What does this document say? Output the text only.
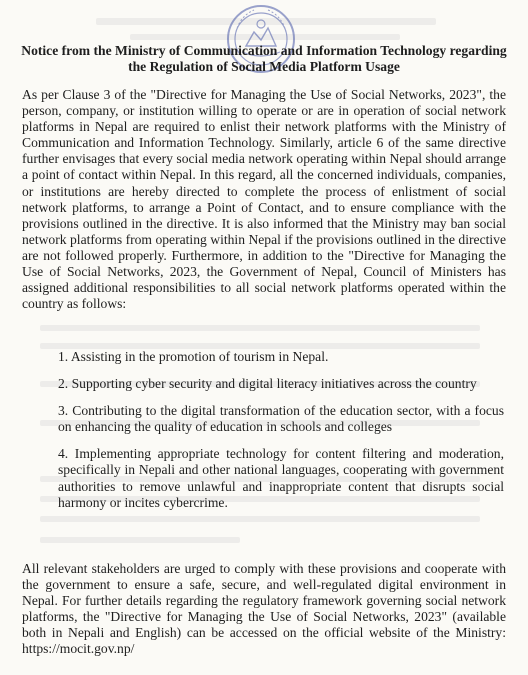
Notice from the Ministry of Communication and Information Technology regarding the Regulation of Social Media Platform Usage

As per Clause 3 of the "Directive for Managing the Use of Social Networks, 2023", the person, company, or institution willing to operate or are in operation of social network platforms in Nepal are required to enlist their network platforms with the Ministry of Communication and Information Technology. Similarly, article 6 of the same directive further envisages that every social media network operating within Nepal should arrange a point of contact within Nepal. In this regard, all the concerned individuals, companies, or institutions are hereby directed to complete the process of enlistment of social network platforms, to arrange a Point of Contact, and to ensure compliance with the provisions outlined in the directive. It is also informed that the Ministry may ban social network platforms from operating within Nepal if the provisions outlined in the directive are not followed properly. Furthermore, in addition to the "Directive for Managing the Use of Social Networks, 2023, the Government of Nepal, Council of Ministers has assigned additional responsibilities to all social network platforms operated within the country as follows:

1. Assisting in the promotion of tourism in Nepal.
2. Supporting cyber security and digital literacy initiatives across the country
3. Contributing to the digital transformation of the education sector, with a focus on enhancing the quality of education in schools and colleges
4. Implementing appropriate technology for content filtering and moderation, specifically in Nepali and other national languages, cooperating with government authorities to remove unlawful and inappropriate content that disrupts social harmony or incites cybercrime.

All relevant stakeholders are urged to comply with these provisions and cooperate with the government to ensure a safe, secure, and well-regulated digital environment in Nepal. For further details regarding the regulatory framework governing social network platforms, the "Directive for Managing the Use of Social Networks, 2023" (available both in Nepali and English) can be accessed on the official website of the Ministry: https://mocit.gov.np/
